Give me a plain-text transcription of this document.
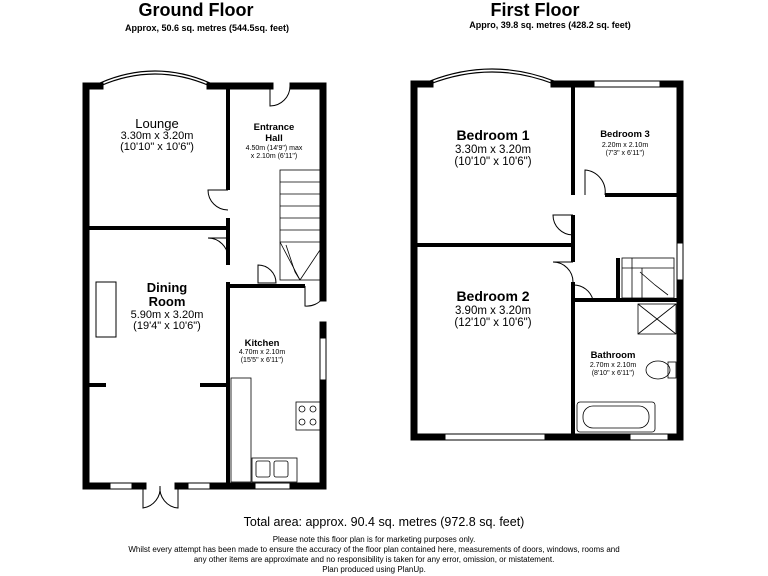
Ground Floor
Approx, 50.6 sq. metres (544.5sq. feet)
Lounge
3.30m x 3.20m
(10'10" x 10'6")
Entrance
Hall
4.50m (14'9") max
x 2.10m (6'11")
Dining
Room
5.90m x 3.20m
(19'4" x 10'6")
Kitchen
4.70m x 2.10m
(15'5" x 6'11")
First Floor
Appro, 39.8 sq. metres (428.2 sq. feet)
Bedroom 1
3.30m x 3.20m
(10'10" x 10'6")
Bedroom 2
3.90m x 3.20m
(12'10" x 10'6")
Bedroom 3
2.20m x 2.10m
(7'3" x 6'11")
Bathroom
2.70m x 2.10m
(8'10" x 6'11")
Total area: approx. 90.4 sq. metres (972.8 sq. feet)
Please note this floor plan is for marketing purposes only.
Whilst every attempt has been made to ensure the accuracy of the floor plan contained here, measurements of doors, windows, rooms and
any other items are approximate and no responsibility is taken for any error, omission, or mistatement.
Plan produced using PlanUp.
